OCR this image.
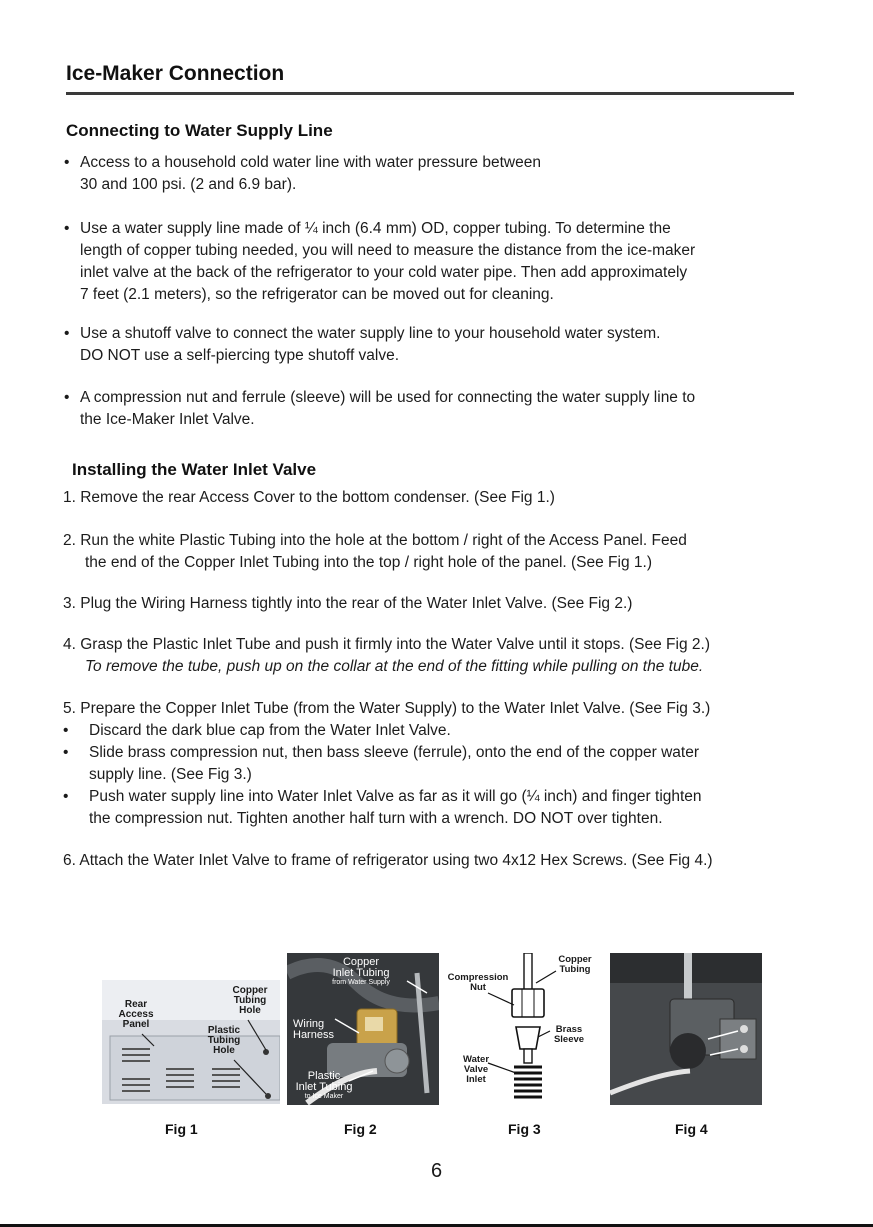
Ice-Maker Connection
Connecting to Water Supply Line
• Access to a household cold water line with water pressure between
30 and 100 psi. (2 and 6.9 bar).
• Use a water supply line made of ¼ inch (6.4 mm) OD, copper tubing. To determine the
length of copper tubing needed, you will need to measure the distance from the ice-maker
inlet valve at the back of the refrigerator to your cold water pipe. Then add approximately
7 feet (2.1 meters), so the refrigerator can be moved out for cleaning.
• Use a shutoff valve to connect the water supply line to your household water system.
DO NOT use a self-piercing type shutoff valve.
• A compression nut and ferrule (sleeve) will be used for connecting the water supply line to
the Ice-Maker Inlet Valve.
Installing the Water Inlet Valve
1. Remove the rear Access Cover to the bottom condenser. (See Fig 1.)
2. Run the white Plastic Tubing into the hole at the bottom / right of the Access Panel. Feed
the end of the Copper Inlet Tubing into the top / right hole of the panel. (See Fig 1.)
3. Plug the Wiring Harness tightly into the rear of the Water Inlet Valve. (See Fig 2.)
4. Grasp the Plastic Inlet Tube and push it firmly into the Water Valve until it stops. (See Fig 2.)
To remove the tube, push up on the collar at the end of the fitting while pulling on the tube.
5. Prepare the Copper Inlet Tube (from the Water Supply) to the Water Inlet Valve. (See Fig 3.)
• Discard the dark blue cap from the Water Inlet Valve.
• Slide brass compression nut, then bass sleeve (ferrule), onto the end of the copper water
supply line. (See Fig 3.)
• Push water supply line into Water Inlet Valve as far as it will go (¼ inch) and finger tighten
the compression nut. Tighten another half turn with a wrench. DO NOT over tighten.
6. Attach the Water Inlet Valve to frame of refrigerator using two 4x12 Hex Screws. (See Fig 4.)
Rear
Access
Panel
Copper
Tubing
Hole
Plastic
Tubing
Hole
Fig 1
Copper
Inlet Tubing
from Water Supply
Wiring
Harness
Plastic
Inlet Tubing
to Ice Maker
Fig 2
Copper
Tubing
Compression
Nut
Brass
Sleeve
Water
Valve
Inlet
Fig 3	Fig 4
6
